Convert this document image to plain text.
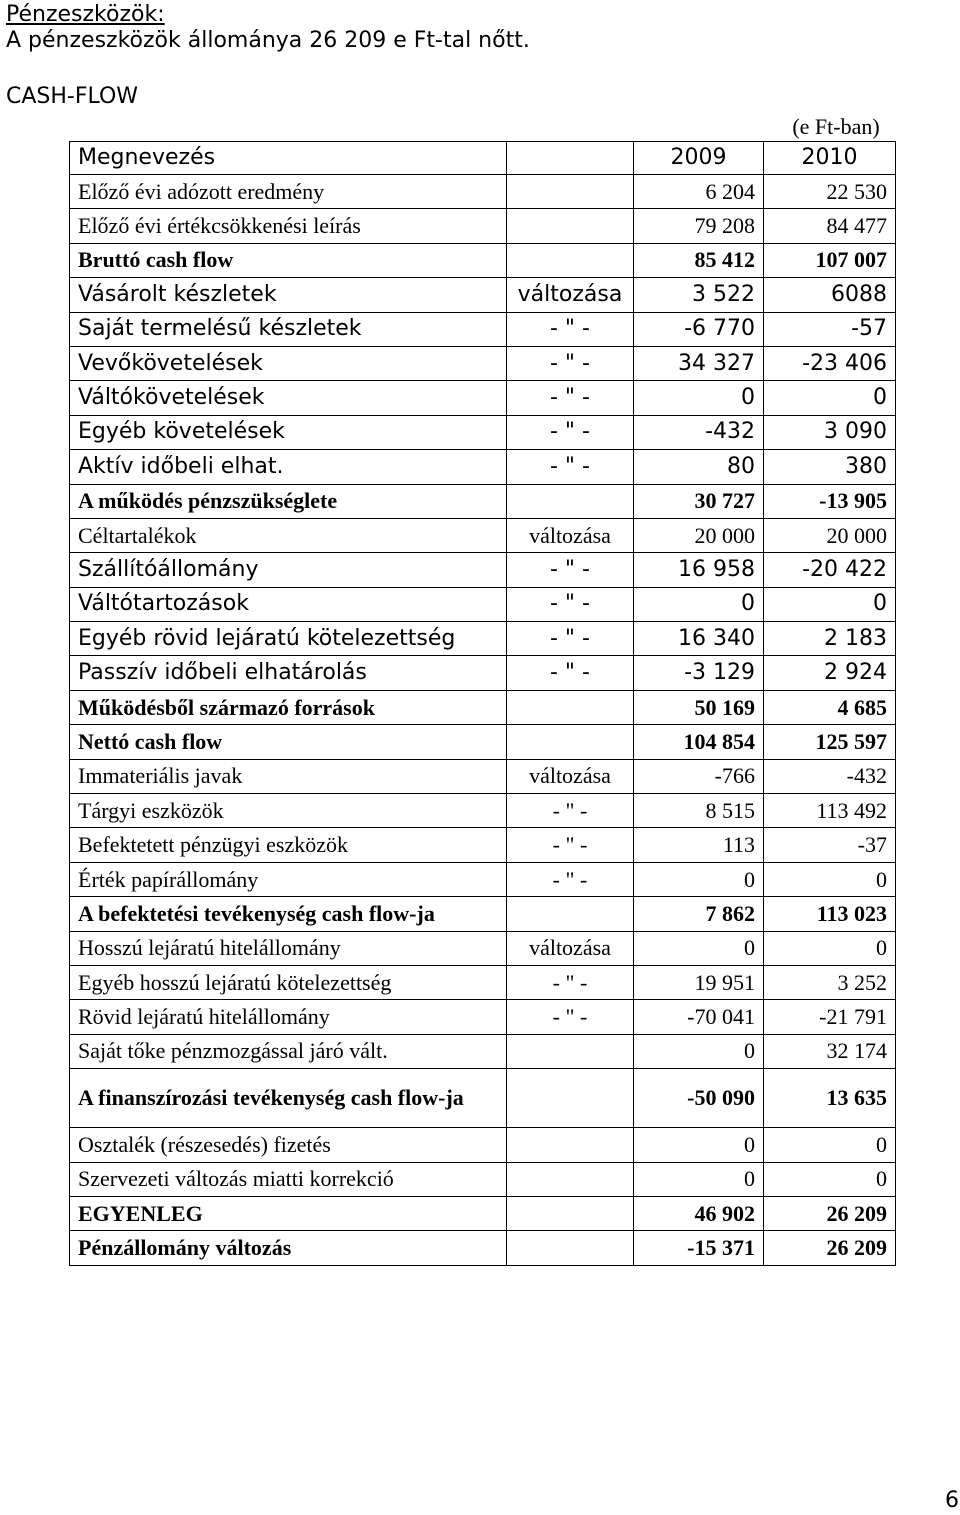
Pénzeszközök:
A pénzeszközök állománya 26 209 e Ft-tal nőtt.
CASH-FLOW
(e Ft-ban)
Megnevezés		2009	2010
Előző évi adózott eredmény		6 204	22 530
Előző évi értékcsökkenési leírás		79 208	84 477
Bruttó cash flow		85 412	107 007
Vásárolt készletek	változása	3 522	6088
Saját termelésű készletek	- " -	-6 770	-57
Vevőkövetelések	- " -	34 327	-23 406
Váltókövetelések	- " -	0	0
Egyéb követelések	- " -	-432	3 090
Aktív időbeli elhat.	- " -	80	380
A működés pénzszükséglete		30 727	-13 905
Céltartalékok	változása	20 000	20 000
Szállítóállomány	- " -	16 958	-20 422
Váltótartozások	- " -	0	0
Egyéb rövid lejáratú kötelezettség	- " -	16 340	2 183
Passzív időbeli elhatárolás	- " -	-3 129	2 924
Működésből származó források		50 169	4 685
Nettó cash flow		104 854	125 597
Immateriális javak	változása	-766	-432
Tárgyi eszközök	- " -	8 515	113 492
Befektetett pénzügyi eszközök	- " -	113	-37
Érték papírállomány	- " -	0	0
A befektetési tevékenység cash flow-ja		7 862	113 023
Hosszú lejáratú hitelállomány	változása	0	0
Egyéb hosszú lejáratú kötelezettség	- " -	19 951	3 252
Rövid lejáratú hitelállomány	- " -	-70 041	-21 791
Saját tőke pénzmozgással járó vált.		0	32 174
A finanszírozási tevékenység cash flow-ja		-50 090	13 635
Osztalék (részesedés) fizetés		0	0
Szervezeti változás miatti korrekció		0	0
EGYENLEG		46 902	26 209
Pénzállomány változás		-15 371	26 209
6
